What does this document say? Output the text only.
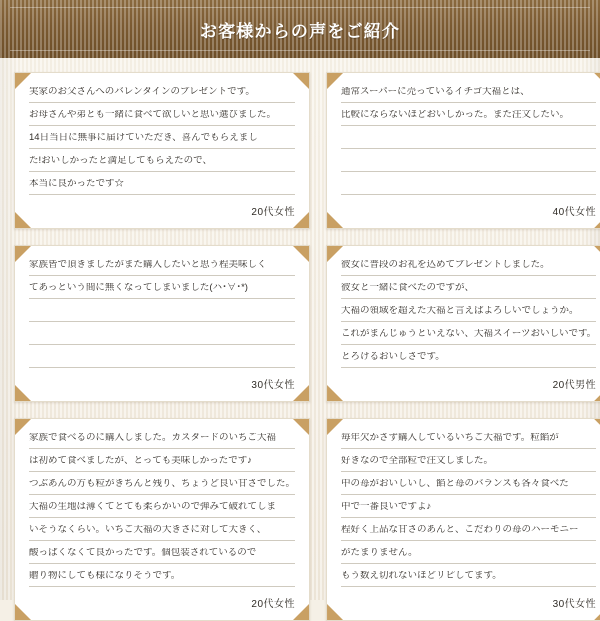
お客様からの声をご紹介
実家のお父さんへのバレンタインのプレゼントです。
お母さんや弟とも一緒に食べて欲しいと思い選びました。
14日当日に無事に届けていただき、喜んでもらえまし
た!おいしかったと満足してもらえたので、
本当に良かったです☆
20代女性
通常スーパーに売っているイチゴ大福とは、
比較にならないほどおいしかった。また注文したい。
40代女性
家族皆で頂きましたがまた購入したいと思う程美味しく
てあっという間に無くなってしまいました(ハ･∀･*)
30代女性
彼女に普段のお礼を込めてプレゼントしました。
彼女と一緒に食べたのですが、
大福の領域を超えた大福と言えばよろしいでしょうか。
これがまんじゅうといえない、大福スイーツおいしいです。
とろけるおいしさです。
20代男性
家族で食べるのに購入しました。カスタードのいちご大福
は初めて食べましたが、とっても美味しかったです♪
つぶあんの方も粒がきちんと残り、ちょうど良い甘さでした。
大福の生地は薄くてとても柔らかいので弾みて破れてしま
いそうなくらい。いちご大福の大きさに対して大きく、
酸っぱくなくて良かったです。個包装されているので
贈り物にしても様になりそうです。
20代女性
毎年欠かさず購入しているいちご大福です。粒餡が
好きなので全部粒で注文しました。
中の苺がおいしいし、餡と苺のバランスも各々食べた
中で一番良いですよ♪
程好く上品な甘さのあんと、こだわりの苺のハーモニー
がたまりません。
もう数え切れないほどリピしてます。
30代女性
